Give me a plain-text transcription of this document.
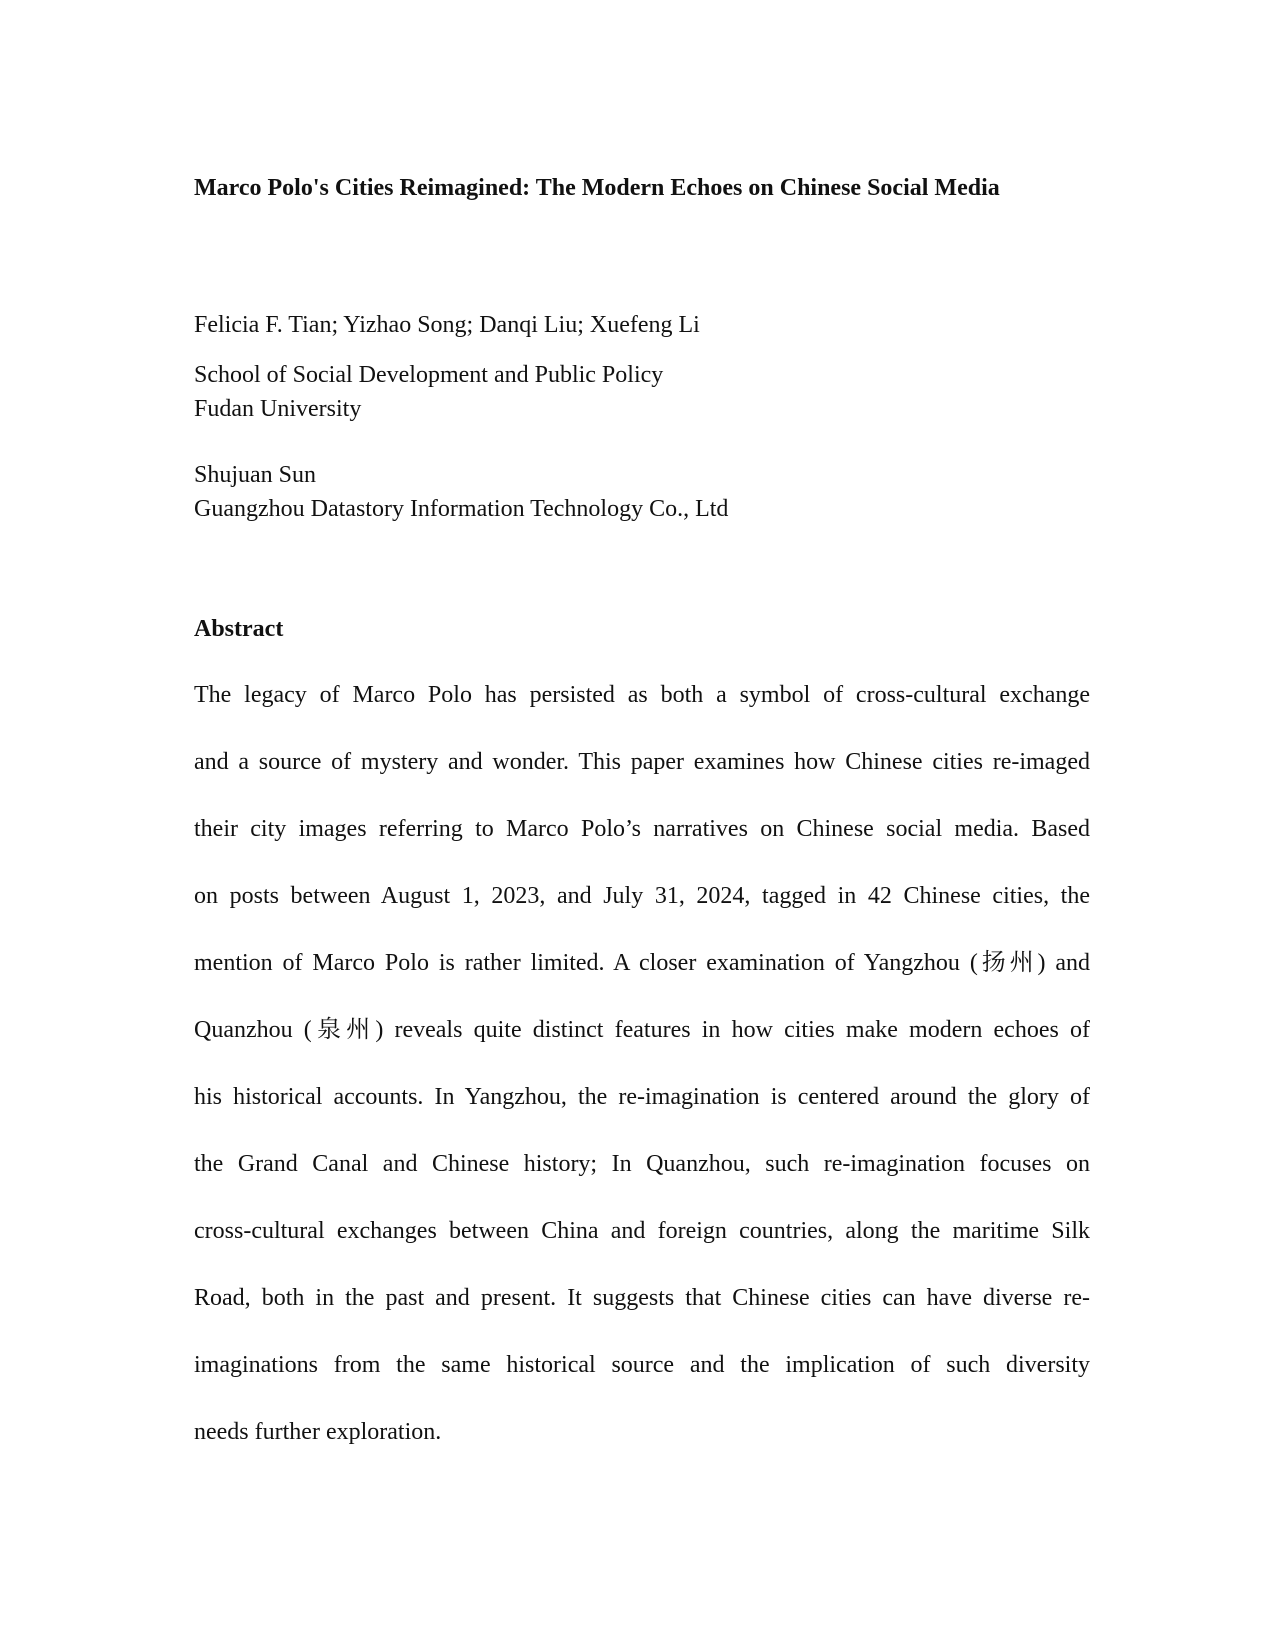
Marco Polo's Cities Reimagined: The Modern Echoes on Chinese Social Media
Felicia F. Tian; Yizhao Song; Danqi Liu; Xuefeng Li
School of Social Development and Public Policy
Fudan University
Shujuan Sun
Guangzhou Datastory Information Technology Co., Ltd
Abstract
The legacy of Marco Polo has persisted as both a symbol of cross-cultural exchange
and a source of mystery and wonder. This paper examines how Chinese cities re-imaged
their city images referring to Marco Polo’s narratives on Chinese social media. Based
on posts between August 1, 2023, and July 31, 2024, tagged in 42 Chinese cities, the
mention of Marco Polo is rather limited. A closer examination of Yangzhou (扬州) and
Quanzhou (泉州) reveals quite distinct features in how cities make modern echoes of
his historical accounts. In Yangzhou, the re-imagination is centered around the glory of
the Grand Canal and Chinese history; In Quanzhou, such re-imagination focuses on
cross-cultural exchanges between China and foreign countries, along the maritime Silk
Road, both in the past and present. It suggests that Chinese cities can have diverse re-
imaginations from the same historical source and the implication of such diversity
needs further exploration.
